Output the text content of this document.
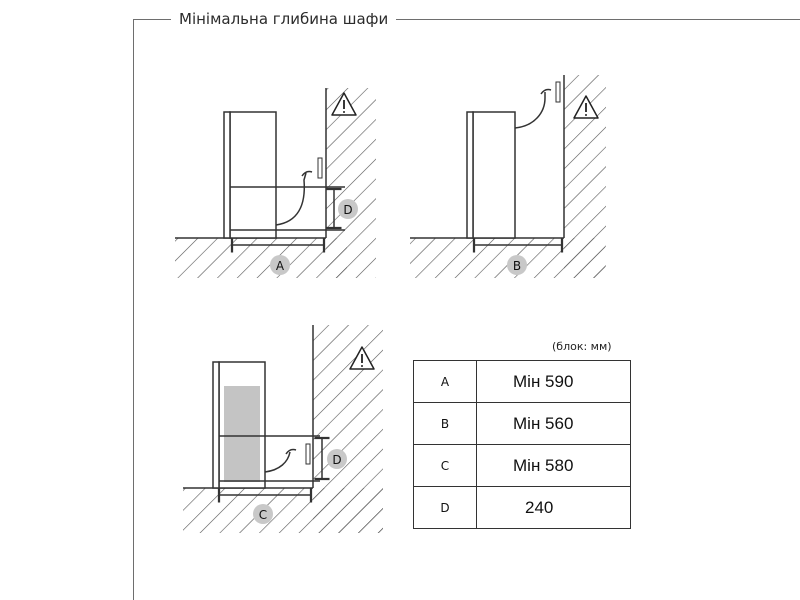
Мінімальна глибина шафи
A
D
B
C
D
(блок: мм)
A	Мін 590
B	Мін 560
C	Мін 580
D	240
